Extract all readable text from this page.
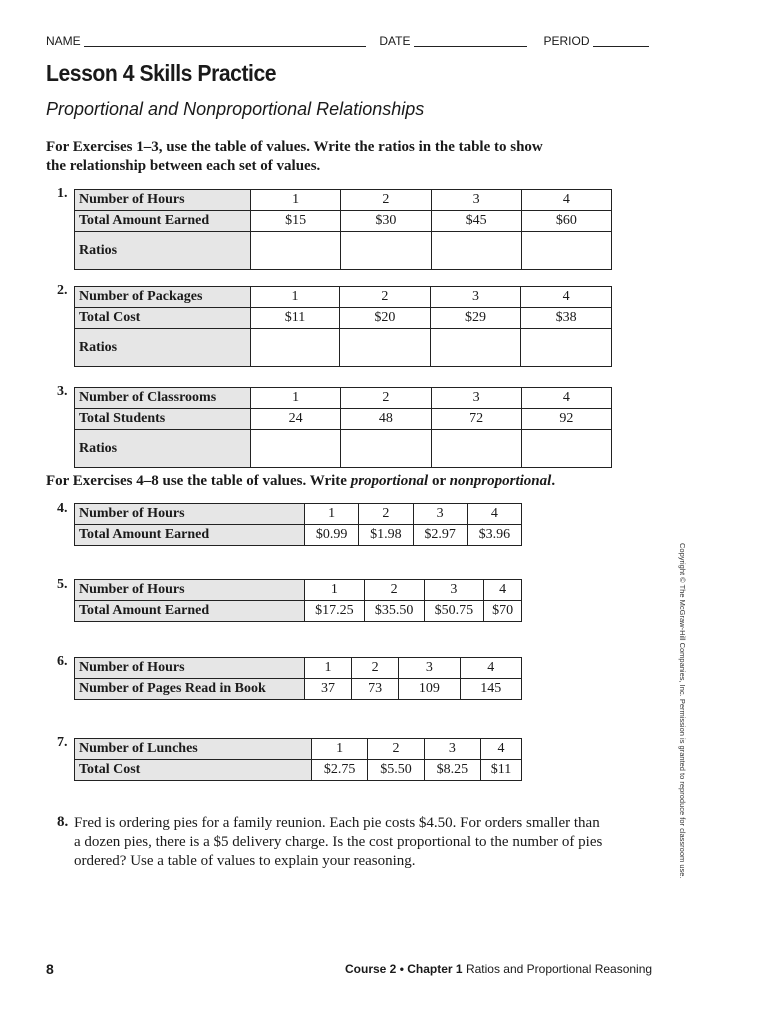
NAME	DATE	PERIOD
Lesson 4 Skills Practice
Proportional and Nonproportional Relationships
For Exercises 1–3, use the table of values. Write the ratios in the table to show the relationship between each set of values.
1. Number of Hours	1	2	3	4
Total Amount Earned	$15	$30	$45	$60
Ratios				
2. Number of Packages	1	2	3	4
Total Cost	$11	$20	$29	$38
Ratios				
3. Number of Classrooms	1	2	3	4
Total Students	24	48	72	92
Ratios				
For Exercises 4–8 use the table of values. Write proportional or nonproportional.
4. Number of Hours	1	2	3	4
Total Amount Earned	$0.99	$1.98	$2.97	$3.96
5. Number of Hours	1	2	3	4
Total Amount Earned	$17.25	$35.50	$50.75	$70
6. Number of Hours	1	2	3	4
Number of Pages Read in Book	37	73	109	145
7. Number of Lunches	1	2	3	4
Total Cost	$2.75	$5.50	$8.25	$11
8. Fred is ordering pies for a family reunion. Each pie costs $4.50. For orders smaller than a dozen pies, there is a $5 delivery charge. Is the cost proportional to the number of pies ordered? Use a table of values to explain your reasoning.	Copyright © The McGraw-Hill Companies, Inc. Permission is granted to reproduce for classroom use.
8	Course 2 • Chapter 1 Ratios and Proportional Reasoning
